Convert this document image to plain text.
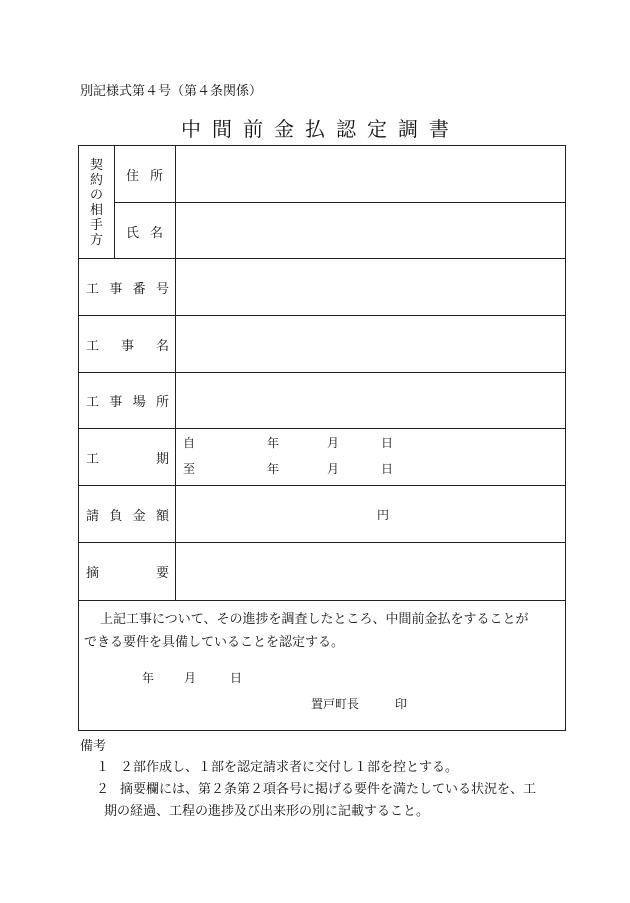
別記様式第４号（第４条関係）
中間前金払認定調書
契
約
の
相
手
方
住 所
氏 名
工 事 番 号
工 事 名
工 事 場 所
工	期
自	年	月	日
至	年	月	日
請 負 金 額	円
摘	要

上記工事について、その進捗を調査したところ、中間前金払をすることが

できる要件を具備していることを認定する。

年 月	日
置戸町長	印
備考
１ ２部作成し、１部を認定請求者に交付し１部を控とする。
２ 摘要欄には、第２条第２項各号に掲げる要件を満たしている状況を、工
期の経過、工程の進捗及び出来形の別に記載すること。
